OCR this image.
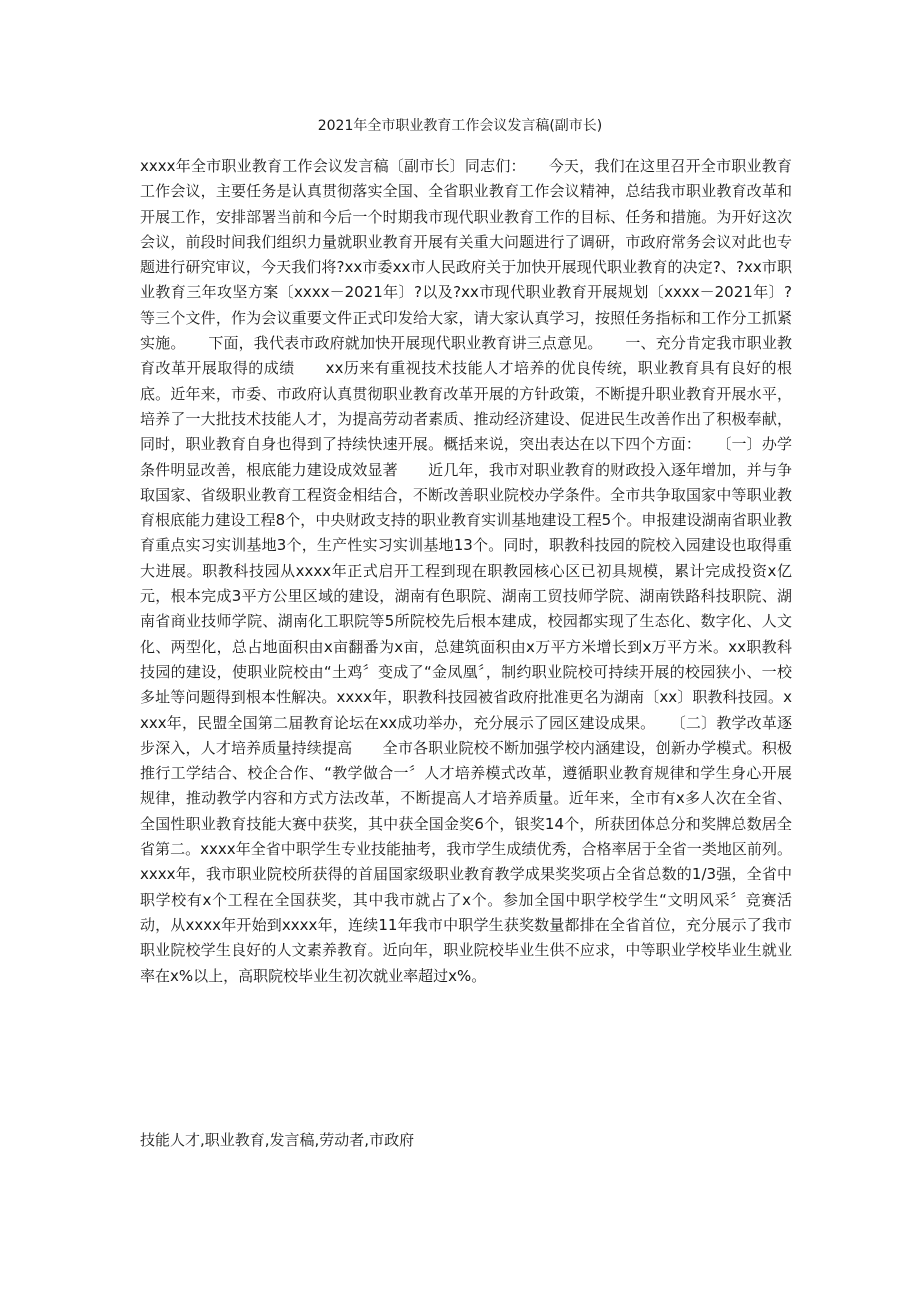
2021年全市职业教育工作会议发言稿(副市长)

xxxx年全市职业教育工作会议发言稿〔副市长〕同志们：　　今天，我们在这里召开全市职业教育工作会议，主要任务是认真贯彻落实全国、全省职业教育工作会议精神，总结我市职业教育改革和开展工作，安排部署当前和今后一个时期我市现代职业教育工作的目标、任务和措施。为开好这次会议，前段时间我们组织力量就职业教育开展有关重大问题进行了调研，市政府常务会议对此也专题进行研究审议，今天我们将?xx市委xx市人民政府关于加快开展现代职业教育的决定?、?xx市职业教育三年攻坚方案〔xxxx－2021年〕?以及?xx市现代职业教育开展规划〔xxxx－2021年〕?等三个文件，作为会议重要文件正式印发给大家，请大家认真学习，按照任务指标和工作分工抓紧实施。　　下面，我代表市政府就加快开展现代职业教育讲三点意见。　　一、充分肯定我市职业教育改革开展取得的成绩　　xx历来有重视技术技能人才培养的优良传统，职业教育具有良好的根底。近年来，市委、市政府认真贯彻职业教育改革开展的方针政策，不断提升职业教育开展水平，培养了一大批技术技能人才，为提高劳动者素质、推动经济建设、促进民生改善作出了积极奉献，同时，职业教育自身也得到了持续快速开展。概括来说，突出表达在以下四个方面：　　〔一〕办学条件明显改善，根底能力建设成效显著　　近几年，我市对职业教育的财政投入逐年增加，并与争取国家、省级职业教育工程资金相结合，不断改善职业院校办学条件。全市共争取国家中等职业教育根底能力建设工程8个，中央财政支持的职业教育实训基地建设工程5个。申报建设湖南省职业教育重点实习实训基地3个，生产性实习实训基地13个。同时，职教科技园的院校入园建设也取得重大进展。职教科技园从xxxx年正式启开工程到现在职教园核心区已初具规模，累计完成投资x亿元，根本完成3平方公里区域的建设，湖南有色职院、湖南工贸技师学院、湖南铁路科技职院、湖南省商业技师学院、湖南化工职院等5所院校先后根本建成，校园都实现了生态化、数字化、人文化、两型化，总占地面积由x亩翻番为x亩，总建筑面积由x万平方米增长到x万平方米。xx职教科技园的建设，使职业院校由“土鸡〞变成了“金凤凰〞，制约职业院校可持续开展的校园狭小、一校多址等问题得到根本性解决。xxxx年，职教科技园被省政府批准更名为湖南〔xx〕职教科技园。xxxx年，民盟全国第二届教育论坛在xx成功举办，充分展示了园区建设成果。　　〔二〕教学改革逐步深入，人才培养质量持续提高　　全市各职业院校不断加强学校内涵建设，创新办学模式。积极推行工学结合、校企合作、“教学做合一〞人才培养模式改革，遵循职业教育规律和学生身心开展规律，推动教学内容和方式方法改革，不断提高人才培养质量。近年来，全市有x多人次在全省、全国性职业教育技能大赛中获奖，其中获全国金奖6个，银奖14个，所获团体总分和奖牌总数居全省第二。xxxx年全省中职学生专业技能抽考，我市学生成绩优秀，合格率居于全省一类地区前列。xxxx年，我市职业院校所获得的首届国家级职业教育教学成果奖奖项占全省总数的1/3强，全省中职学校有x个工程在全国获奖，其中我市就占了x个。参加全国中职学校学生“文明风采〞竞赛活动，从xxxx年开始到xxxx年，连续11年我市中职学生获奖数量都排在全省首位，充分展示了我市职业院校学生良好的人文素养教育。近向年，职业院校毕业生供不应求，中等职业学校毕业生就业率在x%以上，高职院校毕业生初次就业率超过x%。

技能人才,职业教育,发言稿,劳动者,市政府
